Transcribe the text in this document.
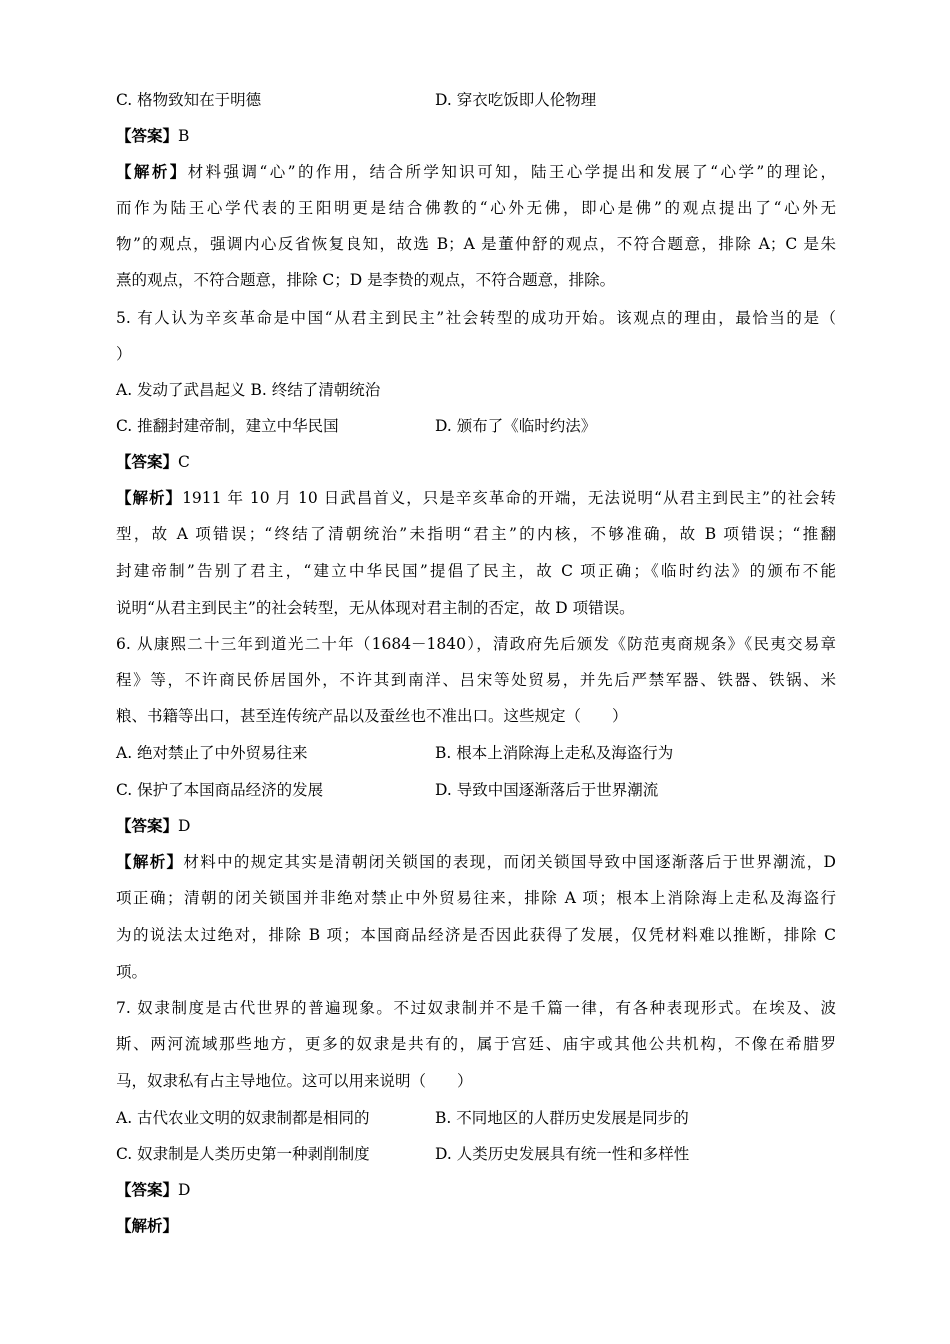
C. 格物致知在于明德	D. 穿衣吃饭即人伦物理
【答案】B
【解析】材料强调“心”的作用，结合所学知识可知，陆王心学提出和发展了“心学”的理论，
而作为陆王心学代表的王阳明更是结合佛教的“心外无佛，即心是佛”的观点提出了“心外无
物”的观点，强调内心反省恢复良知，故选 B；A 是董仲舒的观点，不符合题意，排除 A；C 是朱
熹的观点，不符合题意，排除 C；D 是李贽的观点，不符合题意，排除。
5. 有人认为辛亥革命是中国“从君主到民主”社会转型的成功开始。该观点的理由，最恰当的是（
）
A. 发动了武昌起义 B. 终结了清朝统治
C. 推翻封建帝制，建立中华民国	D. 颁布了《临时约法》
【答案】C
【解析】1911 年 10 月 10 日武昌首义，只是辛亥革命的开端，无法说明“从君主到民主”的社会转
型，故 A 项错误；“终结了清朝统治”未指明“君主”的内核，不够准确，故 B 项错误；“推翻
封建帝制”告别了君主，“建立中华民国”提倡了民主，故 C 项正确；《临时约法》的颁布不能
说明“从君主到民主”的社会转型，无从体现对君主制的否定，故 D 项错误。
6. 从康熙二十三年到道光二十年（1684－1840），清政府先后颁发《防范夷商规条》《民夷交易章
程》等，不许商民侨居国外，不许其到南洋、吕宋等处贸易，并先后严禁军器、铁器、铁锅、米
粮、书籍等出口，甚至连传统产品以及蚕丝也不准出口。这些规定（　　）
A. 绝对禁止了中外贸易往来	B. 根本上消除海上走私及海盗行为
C. 保护了本国商品经济的发展	D. 导致中国逐渐落后于世界潮流
【答案】D
【解析】材料中的规定其实是清朝闭关锁国的表现，而闭关锁国导致中国逐渐落后于世界潮流，D
项正确；清朝的闭关锁国并非绝对禁止中外贸易往来，排除 A 项；根本上消除海上走私及海盗行
为的说法太过绝对，排除 B 项；本国商品经济是否因此获得了发展，仅凭材料难以推断，排除 C
项。
7. 奴隶制度是古代世界的普遍现象。不过奴隶制并不是千篇一律，有各种表现形式。在埃及、波
斯、两河流域那些地方，更多的奴隶是共有的，属于宫廷、庙宇或其他公共机构，不像在希腊罗
马，奴隶私有占主导地位。这可以用来说明（　　）
A. 古代农业文明的奴隶制都是相同的	B. 不同地区的人群历史发展是同步的
C. 奴隶制是人类历史第一种剥削制度	D. 人类历史发展具有统一性和多样性
【答案】D
【解析】
